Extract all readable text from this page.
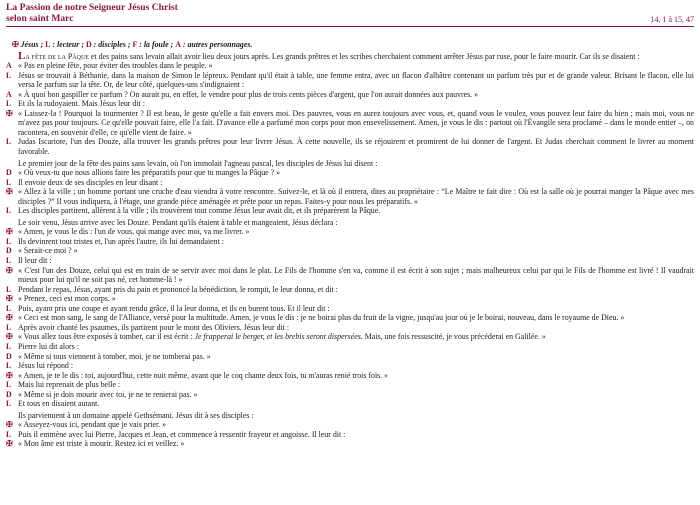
La Passion de notre Seigneur Jésus Christ
selon saint Marc	14, 1 à 15, 47
✠ Jésus ; L : lecteur ; D : disciples ; F : la foule ; A : autres personnages.
La fête de la Pâque et des pains sans levain allait avoir lieu deux jours après. Les grands prêtres et les scribes cherchaient comment arrêter Jésus par ruse, pour le faire mourir. Car ils se disaient :
A « Pas en pleine fête, pour éviter des troubles dans le peuple. »
L Jésus se trouvait à Béthanie, dans la maison de Simon le lépreux. Pendant qu'il était à table, une femme entra, avec un flacon d'albâtre contenant un parfum très pur et de grande valeur. Brisant le flacon, elle lui versa le parfum sur la tête. Or, de leur côté, quelques-uns s'indignaient :
A « À quoi bon gaspiller ce parfum ? On aurait pu, en effet, le vendre pour plus de trois cents pièces d'argent, que l'on aurait données aux pauvres. »
L Et ils la rudoyaient. Mais Jésus leur dit :
✠ « Laissez-la ! Pourquoi la tourmenter ? Il est beau, le geste qu'elle a fait envers moi. Des pauvres, vous en aurez toujours avec vous, et, quand vous le voulez, vous pouvez leur faire du bien ; mais moi, vous ne m'avez pas pour toujours. Ce qu'elle pouvait faire, elle l'a fait. D'avance elle a parfumé mon corps pour mon ensevelissement. Amen, je vous le dis : partout où l'Évangile sera proclamé – dans le monde entier –, on racontera, en souvenir d'elle, ce qu'elle vient de faire. »
L Judas Iscariote, l'un des Douze, alla trouver les grands prêtres pour leur livrer Jésus. À cette nouvelle, ils se réjouirent et promirent de lui donner de l'argent. Et Judas cherchait comment le livrer au moment favorable.
Le premier jour de la fête des pains sans levain, où l'on immolait l'agneau pascal, les disciples de Jésus lui disent :
D « Où veux-tu que nous allions faire les préparatifs pour que tu manges la Pâque ? »
L Il envoie deux de ses disciples en leur disant :
✠ « Allez à la ville ; un homme portant une cruche d'eau viendra à votre rencontre. Suivez-le, et là où il entrera, dites au propriétaire : “Le Maître te fait dire : Où est la salle où je pourrai manger la Pâque avec mes disciples ?” Il vous indiquera, à l'étage, une grande pièce aménagée et prête pour un repas. Faites-y pour nous les préparatifs. »
L Les disciples partirent, allèrent à la ville ; ils trouvèrent tout comme Jésus leur avait dit, et ils préparèrent la Pâque.
Le soir venu, Jésus arrive avec les Douze. Pendant qu'ils étaient à table et mangeaient, Jésus déclara :
✠ « Amen, je vous le dis : l'un de vous, qui mange avec moi, va me livrer. »
L Ils devinrent tout tristes et, l'un après l'autre, ils lui demandaient :
D « Serait-ce moi ? »
L Il leur dit :
✠ « C'est l'un des Douze, celui qui est en train de se servir avec moi dans le plat. Le Fils de l'homme s'en va, comme il est écrit à son sujet ; mais malheureux celui par qui le Fils de l'homme est livré ! Il vaudrait mieux pour lui qu'il ne soit pas né, cet homme-là ! »
L Pendant le repas, Jésus, ayant pris du pain et prononcé la bénédiction, le rompit, le leur donna, et dit :
✠ « Prenez, ceci est mon corps. »
L Puis, ayant pris une coupe et ayant rendu grâce, il la leur donna, et ils en burent tous. Et il leur dit :
✠ « Ceci est mon sang, le sang de l'Alliance, versé pour la multitude. Amen, je vous le dis : je ne boirai plus du fruit de la vigne, jusqu'au jour où je le boirai, nouveau, dans le royaume de Dieu. »
L Après avoir chanté les psaumes, ils partirent pour le mont des Oliviers. Jésus leur dit :
✠ « Vous allez tous être exposés à tomber, car il est écrit : Je frapperai le berger, et les brebis seront dispersées. Mais, une fois ressuscité, je vous précéderai en Galilée. »
L Pierre lui dit alors :
D « Même si tous viennent à tomber, moi, je ne tomberai pas. »
L Jésus lui répond :
✠ « Amen, je te le dis : toi, aujourd'hui, cette nuit même, avant que le coq chante deux fois, tu m'auras renié trois fois. »
L Mais lui reprenait de plus belle :
D « Même si je dois mourir avec toi, je ne te renierai pas. »
L Et tous en disaient autant.
Ils parviennent à un domaine appelé Gethsémani. Jésus dit à ses disciples :
✠ « Asseyez-vous ici, pendant que je vais prier. »
L Puis il emmène avec lui Pierre, Jacques et Jean, et commence à ressentir frayeur et angoisse. Il leur dit :
✠ « Mon âme est triste à mourir. Restez ici et veillez. »
